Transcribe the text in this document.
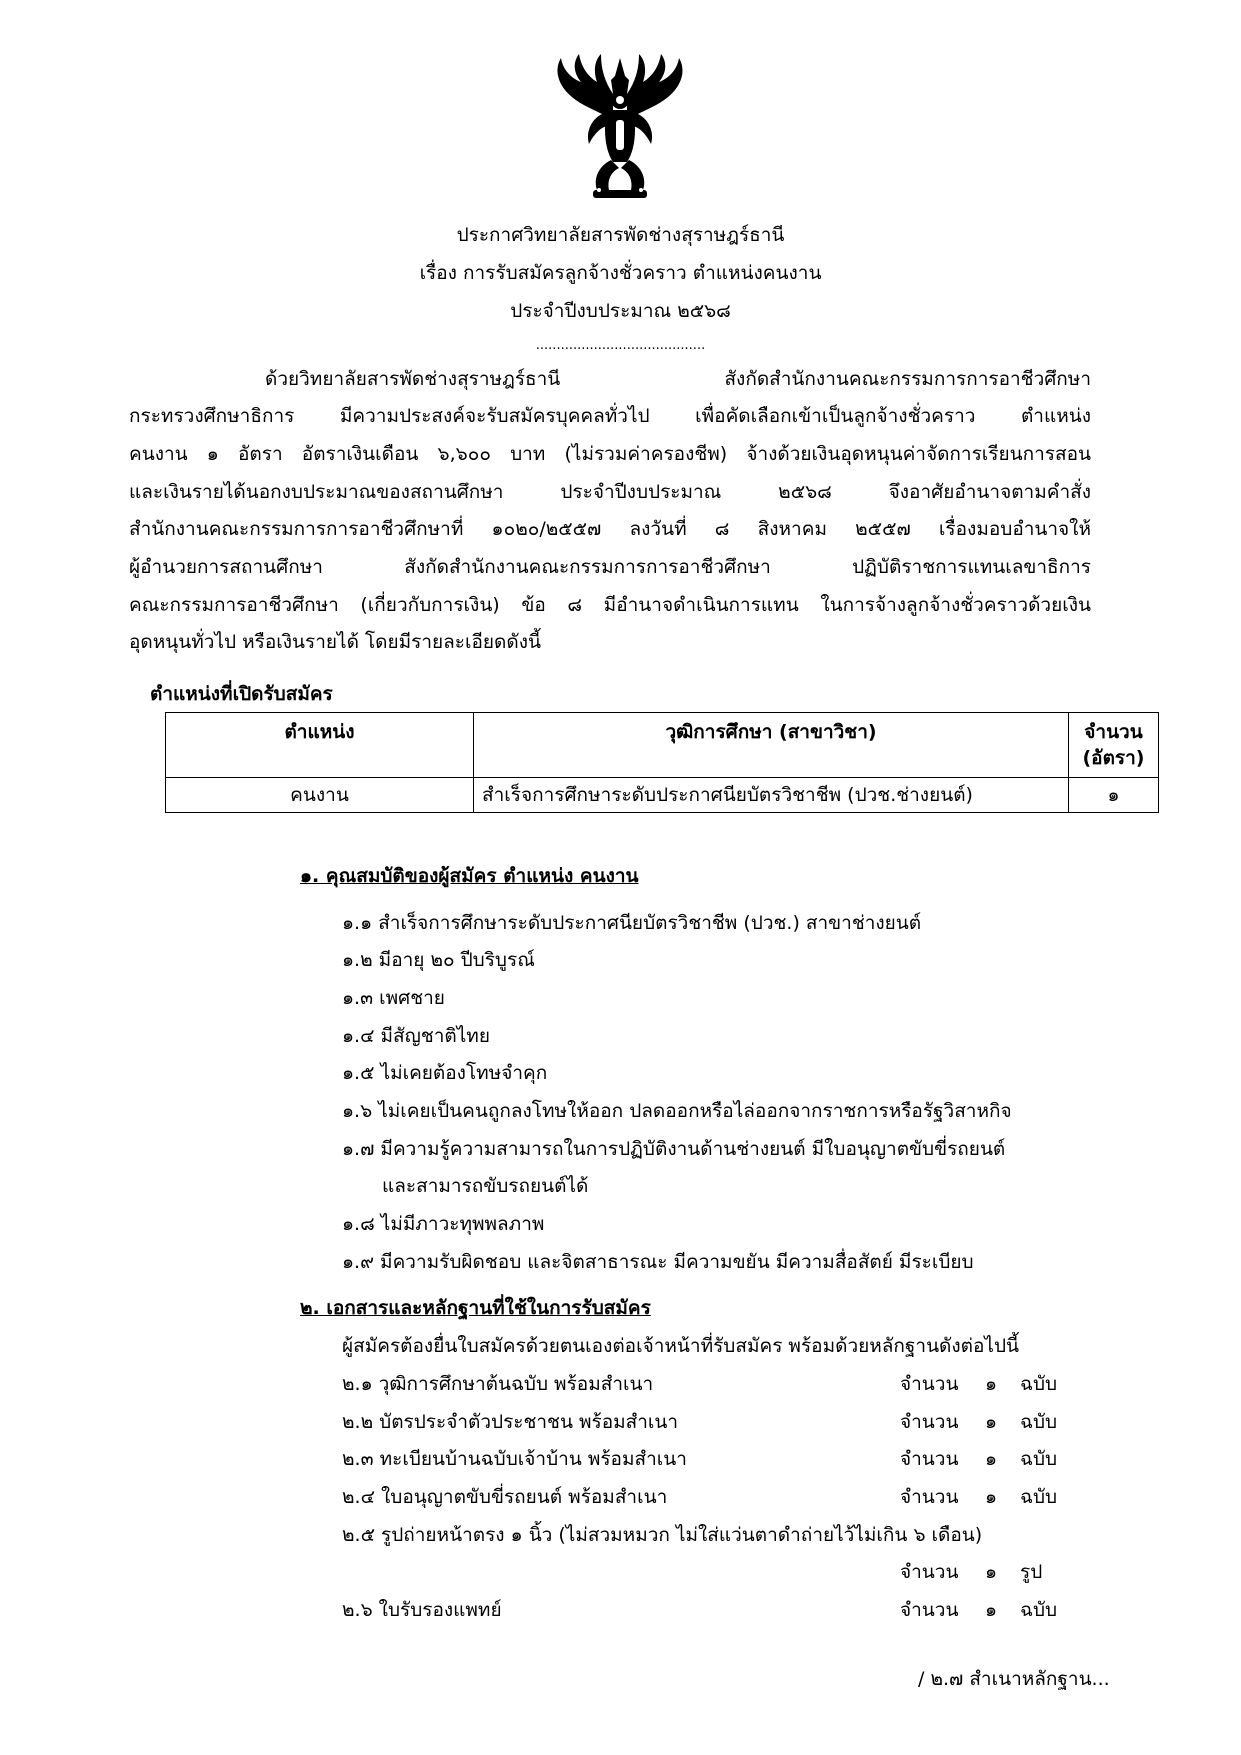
ประกาศวิทยาลัยสารพัดช่างสุราษฎร์ธานี
เรื่อง การรับสมัครลูกจ้างชั่วคราว ตำแหน่งคนงาน
ประจำปีงบประมาณ ๒๕๖๘
.........................................
ด้วยวิทยาลัยสารพัดช่างสุราษฎร์ธานี สังกัดสำนักงานคณะกรรมการการอาชีวศึกษา
กระทรวงศึกษาธิการ มีความประสงค์จะรับสมัครบุคคลทั่วไป เพื่อคัดเลือกเข้าเป็นลูกจ้างชั่วคราว ตำแหน่ง
คนงาน ๑ อัตรา อัตราเงินเดือน ๖,๖๐๐ บาท (ไม่รวมค่าครองชีพ) จ้างด้วยเงินอุดหนุนค่าจัดการเรียนการสอน
และเงินรายได้นอกงบประมาณของสถานศึกษา ประจำปีงบประมาณ ๒๕๖๘ จึงอาศัยอำนาจตามคำสั่ง
สำนักงานคณะกรรมการการอาชีวศึกษาที่ ๑๐๒๐/๒๕๕๗ ลงวันที่ ๘ สิงหาคม ๒๕๕๗ เรื่องมอบอำนาจให้
ผู้อำนวยการสถานศึกษา สังกัดสำนักงานคณะกรรมการการอาชีวศึกษา ปฏิบัติราชการแทนเลขาธิการ
คณะกรรมการอาชีวศึกษา (เกี่ยวกับการเงิน) ข้อ ๘ มีอำนาจดำเนินการแทน ในการจ้างลูกจ้างชั่วคราวด้วยเงิน
อุดหนุนทั่วไป หรือเงินรายได้ โดยมีรายละเอียดดังนี้
ตำแหน่งที่เปิดรับสมัคร
ตำแหน่ง	วุฒิการศึกษา (สาขาวิชา)	จำนวน
(อัตรา)

คนงาน	สำเร็จการศึกษาระดับประกาศนียบัตรวิชาชีพ (ปวช.ช่างยนต์)	๑
๑. คุณสมบัติของผู้สมัคร ตำแหน่ง คนงาน
๑.๑ สำเร็จการศึกษาระดับประกาศนียบัตรวิชาชีพ (ปวช.) สาขาช่างยนต์
๑.๒ มีอายุ ๒๐ ปีบริบูรณ์
๑.๓ เพศชาย
๑.๔ มีสัญชาติไทย
๑.๕ ไม่เคยต้องโทษจำคุก
๑.๖ ไม่เคยเป็นคนถูกลงโทษให้ออก ปลดออกหรือไล่ออกจากราชการหรือรัฐวิสาหกิจ
๑.๗ มีความรู้ความสามารถในการปฏิบัติงานด้านช่างยนต์ มีใบอนุญาตขับขี่รถยนต์
และสามารถขับรถยนต์ได้
๑.๘ ไม่มีภาวะทุพพลภาพ
๑.๙ มีความรับผิดชอบ และจิตสาธารณะ มีความขยัน มีความสื่อสัตย์ มีระเบียบ
๒. เอกสารและหลักฐานที่ใช้ในการรับสมัคร
ผู้สมัครต้องยื่นใบสมัครด้วยตนเองต่อเจ้าหน้าที่รับสมัคร พร้อมด้วยหลักฐานดังต่อไปนี้
๒.๑ วุฒิการศึกษาต้นฉบับ พร้อมสำเนา	จำนวน ๑ ฉบับ
๒.๒ บัตรประจำตัวประชาชน พร้อมสำเนา	จำนวน ๑ ฉบับ
๒.๓ ทะเบียนบ้านฉบับเจ้าบ้าน พร้อมสำเนา	จำนวน ๑ ฉบับ
๒.๔ ใบอนุญาตขับขี่รถยนต์ พร้อมสำเนา	จำนวน ๑ ฉบับ
๒.๕ รูปถ่ายหน้าตรง ๑ นิ้ว (ไม่สวมหมวก ไม่ใส่แว่นตาดำถ่ายไว้ไม่เกิน ๖ เดือน)
จำนวน ๑ รูป
๒.๖ ใบรับรองแพทย์	จำนวน ๑ ฉบับ
/ ๒.๗ สำเนาหลักฐาน...
